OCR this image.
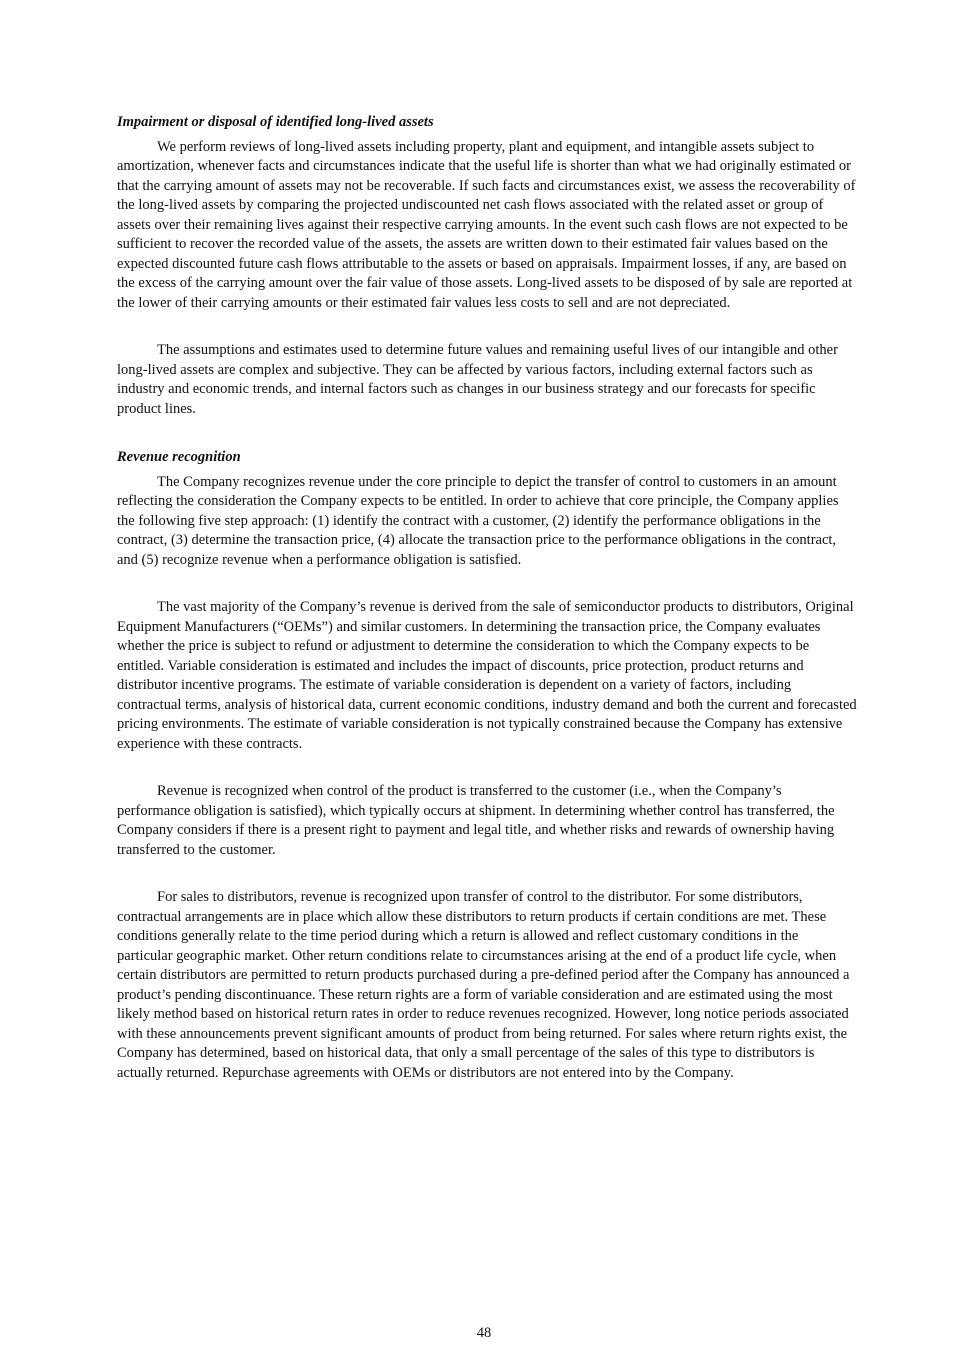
Impairment or disposal of identified long-lived assets

We perform reviews of long-lived assets including property, plant and equipment, and intangible assets subject to amortization, whenever facts and circumstances indicate that the useful life is shorter than what we had originally estimated or that the carrying amount of assets may not be recoverable. If such facts and circumstances exist, we assess the recoverability of the long-lived assets by comparing the projected undiscounted net cash flows associated with the related asset or group of assets over their remaining lives against their respective carrying amounts. In the event such cash flows are not expected to be sufficient to recover the recorded value of the assets, the assets are written down to their estimated fair values based on the expected discounted future cash flows attributable to the assets or based on appraisals. Impairment losses, if any, are based on the excess of the carrying amount over the fair value of those assets. Long-lived assets to be disposed of by sale are reported at the lower of their carrying amounts or their estimated fair values less costs to sell and are not depreciated.

The assumptions and estimates used to determine future values and remaining useful lives of our intangible and other long-lived assets are complex and subjective. They can be affected by various factors, including external factors such as industry and economic trends, and internal factors such as changes in our business strategy and our forecasts for specific product lines.

Revenue recognition

The Company recognizes revenue under the core principle to depict the transfer of control to customers in an amount reflecting the consideration the Company expects to be entitled. In order to achieve that core principle, the Company applies the following five step approach: (1) identify the contract with a customer, (2) identify the performance obligations in the contract, (3) determine the transaction price, (4) allocate the transaction price to the performance obligations in the contract, and (5) recognize revenue when a performance obligation is satisfied.

The vast majority of the Company’s revenue is derived from the sale of semiconductor products to distributors, Original Equipment Manufacturers (“OEMs”) and similar customers. In determining the transaction price, the Company evaluates whether the price is subject to refund or adjustment to determine the consideration to which the Company expects to be entitled. Variable consideration is estimated and includes the impact of discounts, price protection, product returns and distributor incentive programs. The estimate of variable consideration is dependent on a variety of factors, including contractual terms, analysis of historical data, current economic conditions, industry demand and both the current and forecasted pricing environments. The estimate of variable consideration is not typically constrained because the Company has extensive experience with these contracts.

Revenue is recognized when control of the product is transferred to the customer (i.e., when the Company’s performance obligation is satisfied), which typically occurs at shipment. In determining whether control has transferred, the Company considers if there is a present right to payment and legal title, and whether risks and rewards of ownership having transferred to the customer.

For sales to distributors, revenue is recognized upon transfer of control to the distributor. For some distributors, contractual arrangements are in place which allow these distributors to return products if certain conditions are met. These conditions generally relate to the time period during which a return is allowed and reflect customary conditions in the particular geographic market. Other return conditions relate to circumstances arising at the end of a product life cycle, when certain distributors are permitted to return products purchased during a pre-defined period after the Company has announced a product’s pending discontinuance. These return rights are a form of variable consideration and are estimated using the most likely method based on historical return rates in order to reduce revenues recognized. However, long notice periods associated with these announcements prevent significant amounts of product from being returned. For sales where return rights exist, the Company has determined, based on historical data, that only a small percentage of the sales of this type to distributors is actually returned. Repurchase agreements with OEMs or distributors are not entered into by the Company.

48
